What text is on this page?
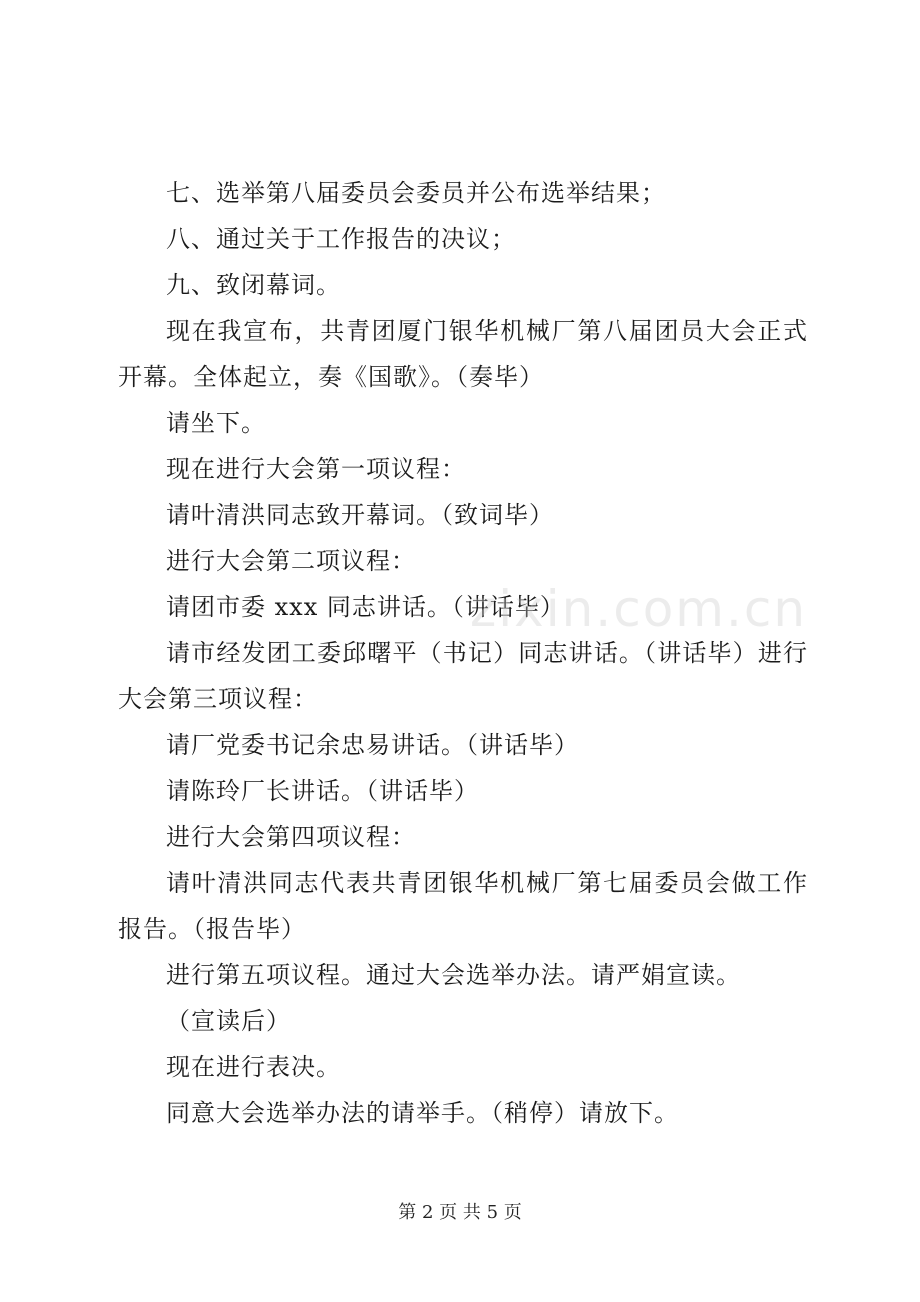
七、选举第八届委员会委员并公布选举结果；

八、通过关于工作报告的决议；

九、致闭幕词。

现在我宣布，共青团厦门银华机械厂第八届团员大会正式开幕。全体起立，奏《国歌》。（奏毕）

请坐下。

现在进行大会第一项议程：

请叶清洪同志致开幕词。（致词毕）

进行大会第二项议程：

请团市委 xxx 同志讲话。（讲话毕）

请市经发团工委邱曙平（书记）同志讲话。（讲话毕）进行大会第三项议程：

请厂党委书记余忠易讲话。（讲话毕）

请陈玲厂长讲话。（讲话毕）

进行大会第四项议程：

请叶清洪同志代表共青团银华机械厂第七届委员会做工作报告。（报告毕）

进行第五项议程。通过大会选举办法。请严娟宣读。

（宣读后）

现在进行表决。

同意大会选举办法的请举手。（稍停）请放下。

zixin.com.cn
第 2 页 共 5 页
